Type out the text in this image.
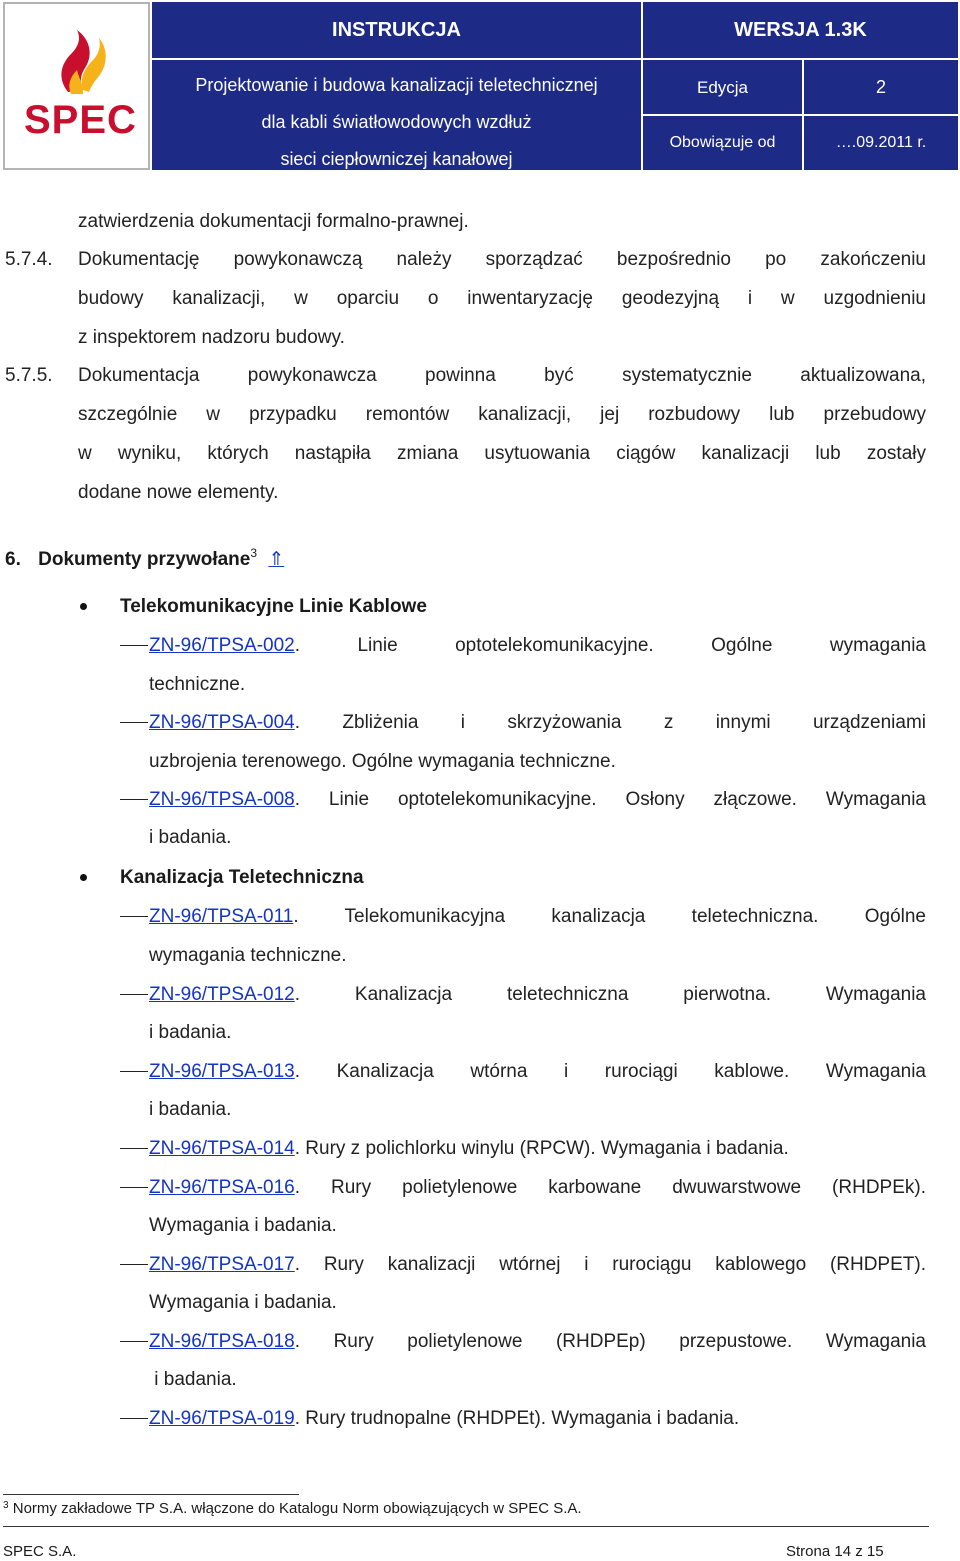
SPEC
INSTRUKCJA	WERSJA 1.3K
Projektowanie i budowa kanalizacji teletechnicznej
dla kabli światłowodowych wzdłuż
sieci ciepłowniczej kanałowej
Edycja	2
Obowiązuje od	….09.2011 r.
zatwierdzenia dokumentacji formalno-prawnej.
5.7.4. Dokumentację powykonawczą należy sporządzać bezpośrednio po zakończeniu
budowy kanalizacji, w oparciu o inwentaryzację geodezyjną i w uzgodnieniu
z inspektorem nadzoru budowy.
5.7.5. Dokumentacja powykonawcza powinna być systematycznie aktualizowana,
szczególnie w przypadku remontów kanalizacji, jej rozbudowy lub przebudowy
w wyniku, których nastąpiła zmiana usytuowania ciągów kanalizacji lub zostały
dodane nowe elementy.
6. Dokumenty przywołane$^3$ ⇑
Telekomunikacyjne Linie Kablowe
ZN-96/TPSA-002. Linie optotelekomunikacyjne. Ogólne wymagania
techniczne.
ZN-96/TPSA-004. Zbliżenia i skrzyżowania z innymi urządzeniami
uzbrojenia terenowego. Ogólne wymagania techniczne.
ZN-96/TPSA-008. Linie optotelekomunikacyjne. Osłony złączowe. Wymagania
i badania.
Kanalizacja Teletechniczna
ZN-96/TPSA-011. Telekomunikacyjna kanalizacja teletechniczna. Ogólne
wymagania techniczne.
ZN-96/TPSA-012. Kanalizacja teletechniczna pierwotna. Wymagania
i badania.
ZN-96/TPSA-013. Kanalizacja wtórna i rurociągi kablowe. Wymagania
i badania.
ZN-96/TPSA-014. Rury z polichlorku winylu (RPCW). Wymagania i badania.
ZN-96/TPSA-016. Rury polietylenowe karbowane dwuwarstwowe (RHDPEk).
Wymagania i badania.
ZN-96/TPSA-017. Rury kanalizacji wtórnej i rurociągu kablowego (RHDPET).
Wymagania i badania.
ZN-96/TPSA-018. Rury polietylenowe (RHDPEp) przepustowe. Wymagania
i badania.
ZN-96/TPSA-019. Rury trudnopalne (RHDPEt). Wymagania i badania.
$^3$ Normy zakładowe TP S.A. włączone do Katalogu Norm obowiązujących w SPEC S.A.
SPEC S.A.	Strona 14 z 15
